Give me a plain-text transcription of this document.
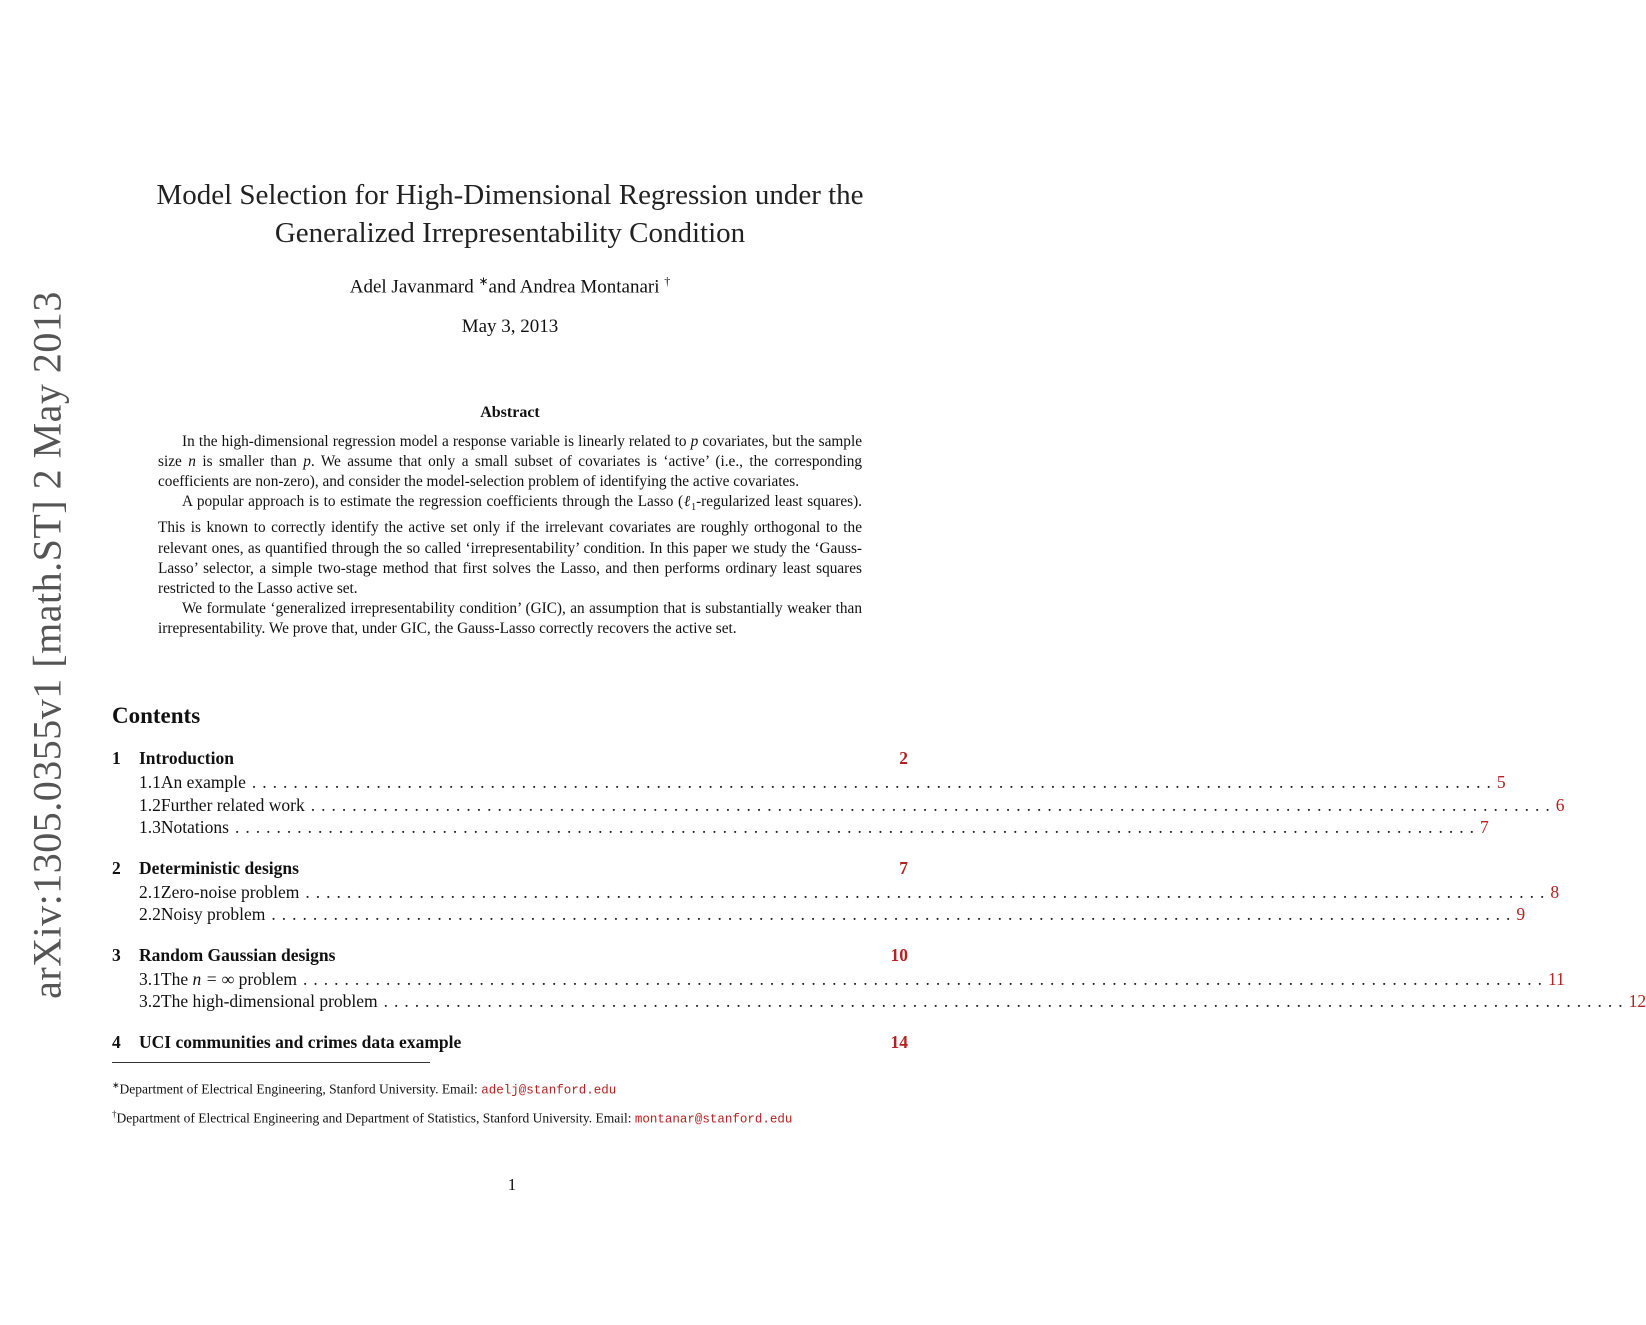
arXiv:1305.0355v1 [math.ST] 2 May 2013
Model Selection for High-Dimensional Regression under the
Generalized Irrepresentability Condition
Adel Javanmard ∗and Andrea Montanari †
May 3, 2013
Abstract

In the high-dimensional regression model a response variable is linearly related to p covariates, but the sample size n is smaller than p. We assume that only a small subset of covariates is ‘active’ (i.e., the corresponding coefficients are non-zero), and consider the model-selection problem of identifying the active covariates.

A popular approach is to estimate the regression coefficients through the Lasso (ℓ$_1$-regularized least squares). This is known to correctly identify the active set only if the irrelevant covariates are roughly orthogonal to the relevant ones, as quantified through the so called ‘irrepresentability’ condition. In this paper we study the ‘Gauss-Lasso’ selector, a simple two-stage method that first solves the Lasso, and then performs ordinary least squares restricted to the Lasso active set.

We formulate ‘generalized irrepresentability condition’ (GIC), an assumption that is substantially weaker than irrepresentability. We prove that, under GIC, the Gauss-Lasso correctly recovers the active set.

Contents
1	Introduction	2
1.1 An example ........................................................................................................................ 5
1.2 Further related work ........................................................................................................................ 6
1.3 Notations ........................................................................................................................ 7
2	Deterministic designs	7
2.1 Zero-noise problem ........................................................................................................................ 8
2.2 Noisy problem ........................................................................................................................ 9
3	Random Gaussian designs	10
3.1 The n = ∞ problem ........................................................................................................................ 11
3.2 The high-dimensional problem ........................................................................................................................ 12
4	UCI communities and crimes data example	14
∗Department of Electrical Engineering, Stanford University. Email: adelj@stanford.edu
†Department of Electrical Engineering and Department of Statistics, Stanford University. Email: montanar@stanford.edu
1
